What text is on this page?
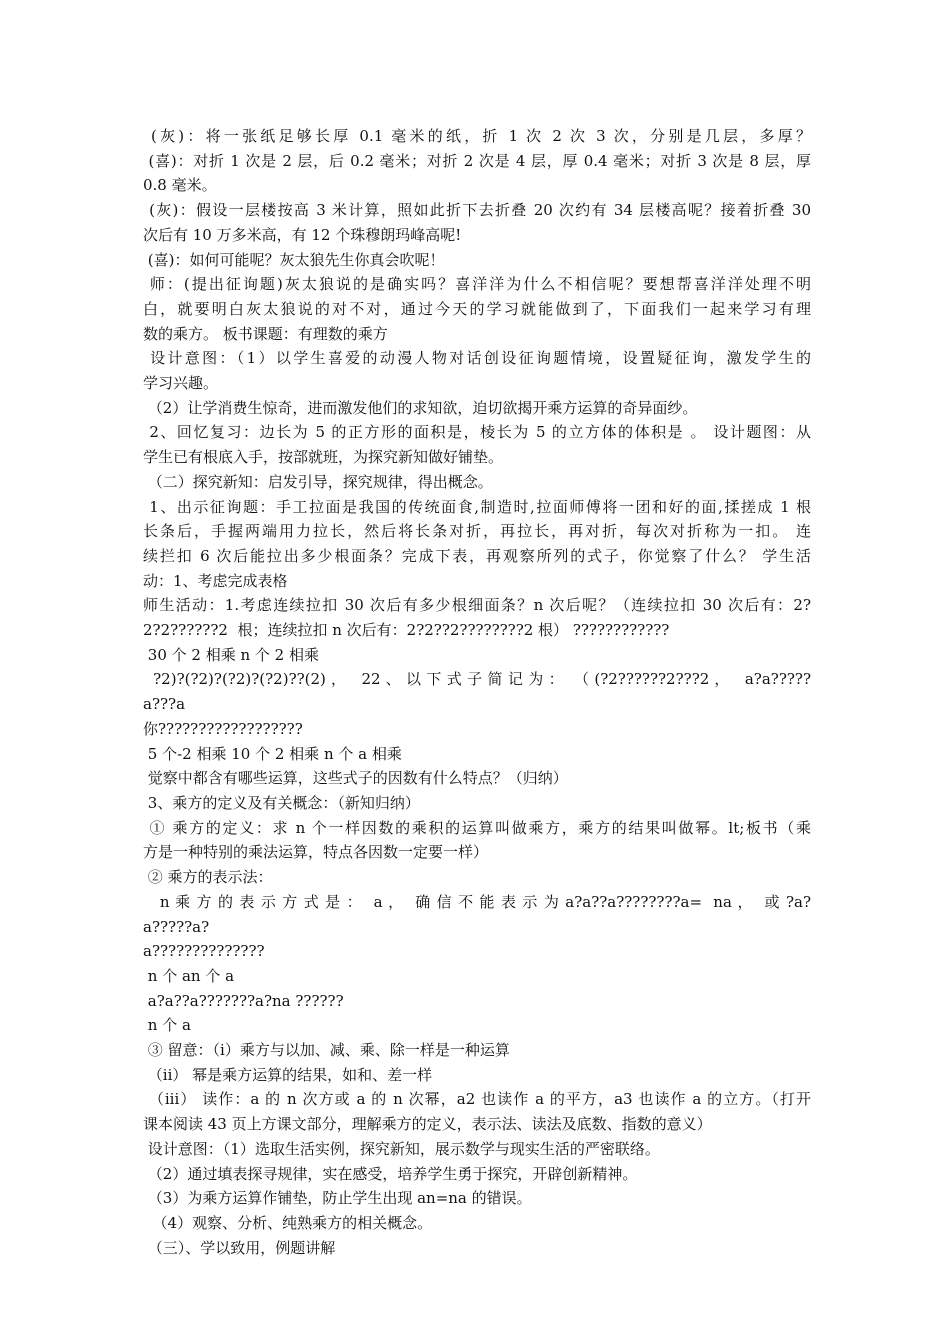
(灰)：将一张纸足够长厚 0.1 毫米的纸，折 1 次 2 次 3 次，分别是几层，多厚？
(喜)：对折 1 次是 2 层，后 0.2 毫米；对折 2 次是 4 层，厚 0.4 毫米；对折 3 次是 8 层，厚
0.8 毫米。
(灰)：假设一层楼按高 3 米计算，照如此折下去折叠 20 次约有 34 层楼高呢？接着折叠 30
次后有 10 万多米高，有 12 个珠穆朗玛峰高呢!
(喜)：如何可能呢？灰太狼先生你真会吹呢！
师：(提出征询题)灰太狼说的是确实吗？喜洋洋为什么不相信呢？要想帮喜洋洋处理不明
白，就要明白灰太狼说的对不对，通过今天的学习就能做到了，下面我们一起来学习有理
数的乘方。 板书课题：有理数的乘方
设计意图：（1）以学生喜爱的动漫人物对话创设征询题情境，设置疑征询，激发学生的
学习兴趣。
（2）让学消费生惊奇，进而激发他们的求知欲，迫切欲揭开乘方运算的奇异面纱。
2、回忆复习：边长为 5 的正方形的面积是，棱长为 5 的立方体的体积是 。 设计题图：从
学生已有根底入手，按部就班，为探究新知做好铺垫。
（二）探究新知：启发引导，探究规律，得出概念。
1、出示征询题：手工拉面是我国的传统面食,制造时,拉面师傅将一团和好的面,揉搓成 1 根
长条后，手握两端用力拉长，然后将长条对折，再拉长，再对折，每次对折称为一扣。 连
续拦扣 6 次后能拉出多少根面条？完成下表，再观察所列的式子，你觉察了什么？ 学生活
动：1、考虑完成表格
师生活动：1.考虑连续拉扣 30 次后有多少根细面条？n 次后呢？（连续拉扣 30 次后有：2?
2?2??????2  根；连续拉扣 n 次后有：2?2??2????????2 根） ????????????
30 个 2 相乘 n 个 2 相乘
?2)?(?2)?(?2)?(?2)??(2) ，   22 、 以 下 式 子 简 记 为 ：  （ (?2??????2???2 ，   a?a?????a???a
你??????????????????
5 个-2 相乘 10 个 2 相乘 n 个 a 相乘
觉察中都含有哪些运算，这些式子的因数有什么特点？（归纳）
3、乘方的定义及有关概念：（新知归纳）
① 乘方的定义：求 n 个一样因数的乘积的运算叫做乘方，乘方的结果叫做幂。lt;板书（乘
方是一种特别的乘法运算，特点各因数一定要一样）
② 乘方的表示法：
n 乘 方 的 表 示 方 式 是 ：  a ，  确 信 不 能 表 示 为 a?a??a????????a=  na ，  或 ?a?a?????a?
a??????????????
n 个 an 个 a
a?a??a???????a?na ??????
n 个 a
③ 留意：（i）乘方与以加、减、乘、除一样是一种运算
（ii） 幂是乘方运算的结果，如和、差一样
（iii） 读作：a 的 n 次方或 a 的 n 次幂，a2 也读作 a 的平方，a3 也读作 a 的立方。（打开
课本阅读 43 页上方课文部分，理解乘方的定义，表示法、读法及底数、指数的意义）
设计意图：（1）选取生活实例，探究新知，展示数学与现实生活的严密联络。
（2）通过填表探寻规律，实在感受，培养学生勇于探究，开辟创新精神。
（3）为乘方运算作铺垫，防止学生出现 an=na 的错误。
（4）观察、分析、纯熟乘方的相关概念。
（三）、学以致用，例题讲解
